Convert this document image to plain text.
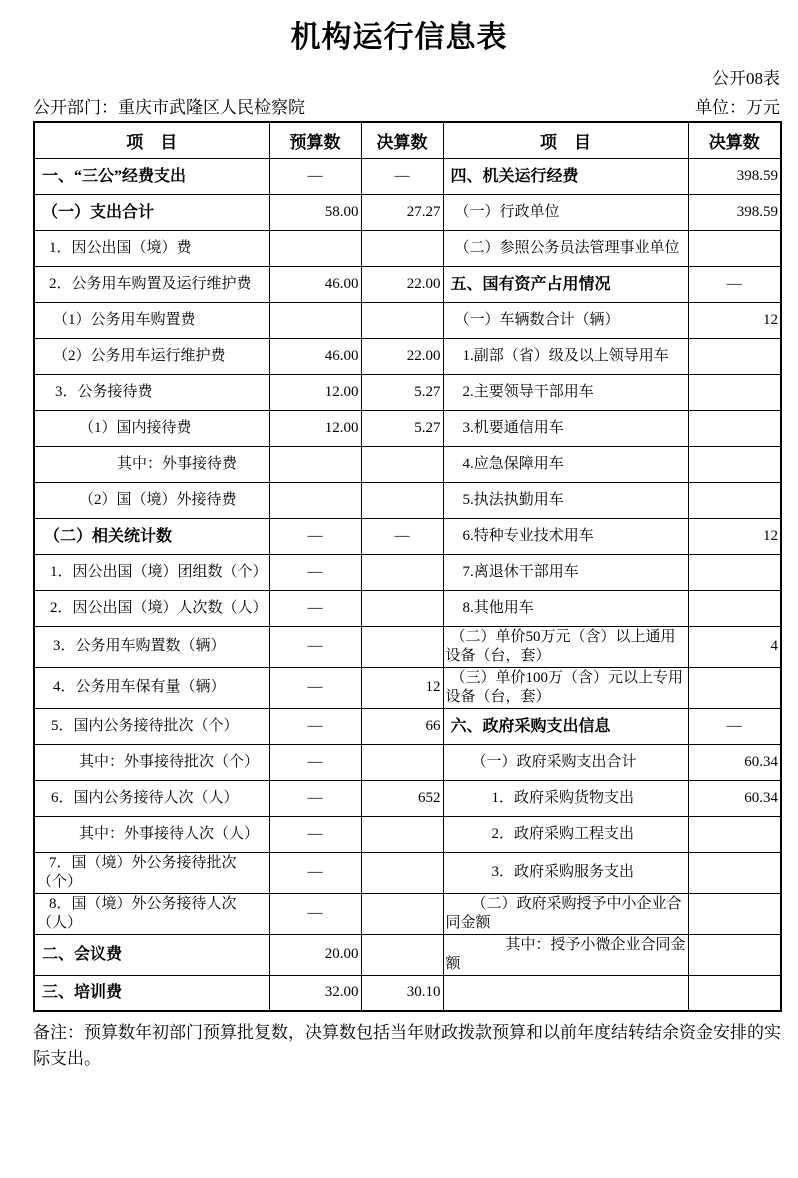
机构运行信息表
公开08表
公开部门：重庆市武隆区人民检察院	单位：万元
项　目	预算数	决算数	项　目	决算数
一、“三公”经费支出	—	—	四、机关运行经费	398.59
（一）支出合计	58.00	27.27	（一）行政单位	398.59
1．因公出国（境）费			（二）参照公务员法管理事业单位	
2．公务用车购置及运行维护费	46.00	22.00	五、国有资产占用情况	—
（1）公务用车购置费			（一）车辆数合计（辆）	12
（2）公务用车运行维护费	46.00	22.00	1.副部（省）级及以上领导用车	
3．公务接待费	12.00	5.27	2.主要领导干部用车	
（1）国内接待费	12.00	5.27	3.机要通信用车	
其中：外事接待费			4.应急保障用车	
（2）国（境）外接待费			5.执法执勤用车	
（二）相关统计数	—	—	6.特种专业技术用车	12
1．因公出国（境）团组数（个）	—		7.离退休干部用车	
2．因公出国（境）人次数（人）	—		8.其他用车	
3．公务用车购置数（辆）	—		（二）单价50万元（含）以上通用设备（台，套）	4
4．公务用车保有量（辆）	—	12	（三）单价100万（含）元以上专用设备（台，套）	
5．国内公务接待批次（个）	—	66	六、政府采购支出信息	—
其中：外事接待批次（个）	—		（一）政府采购支出合计	60.34
6．国内公务接待人次（人）	—	652	1．政府采购货物支出	60.34
其中：外事接待人次（人）	—		2．政府采购工程支出	
7．国（境）外公务接待批次（个）	—		3．政府采购服务支出	
8．国（境）外公务接待人次（人）	—		（二）政府采购授予中小企业合同金额	
二、会议费	20.00		其中：授予小微企业合同金额	
三、培训费	32.00	30.10		
备注：预算数年初部门预算批复数，决算数包括当年财政拨款预算和以前年度结转结余资金安排的实际支出。
